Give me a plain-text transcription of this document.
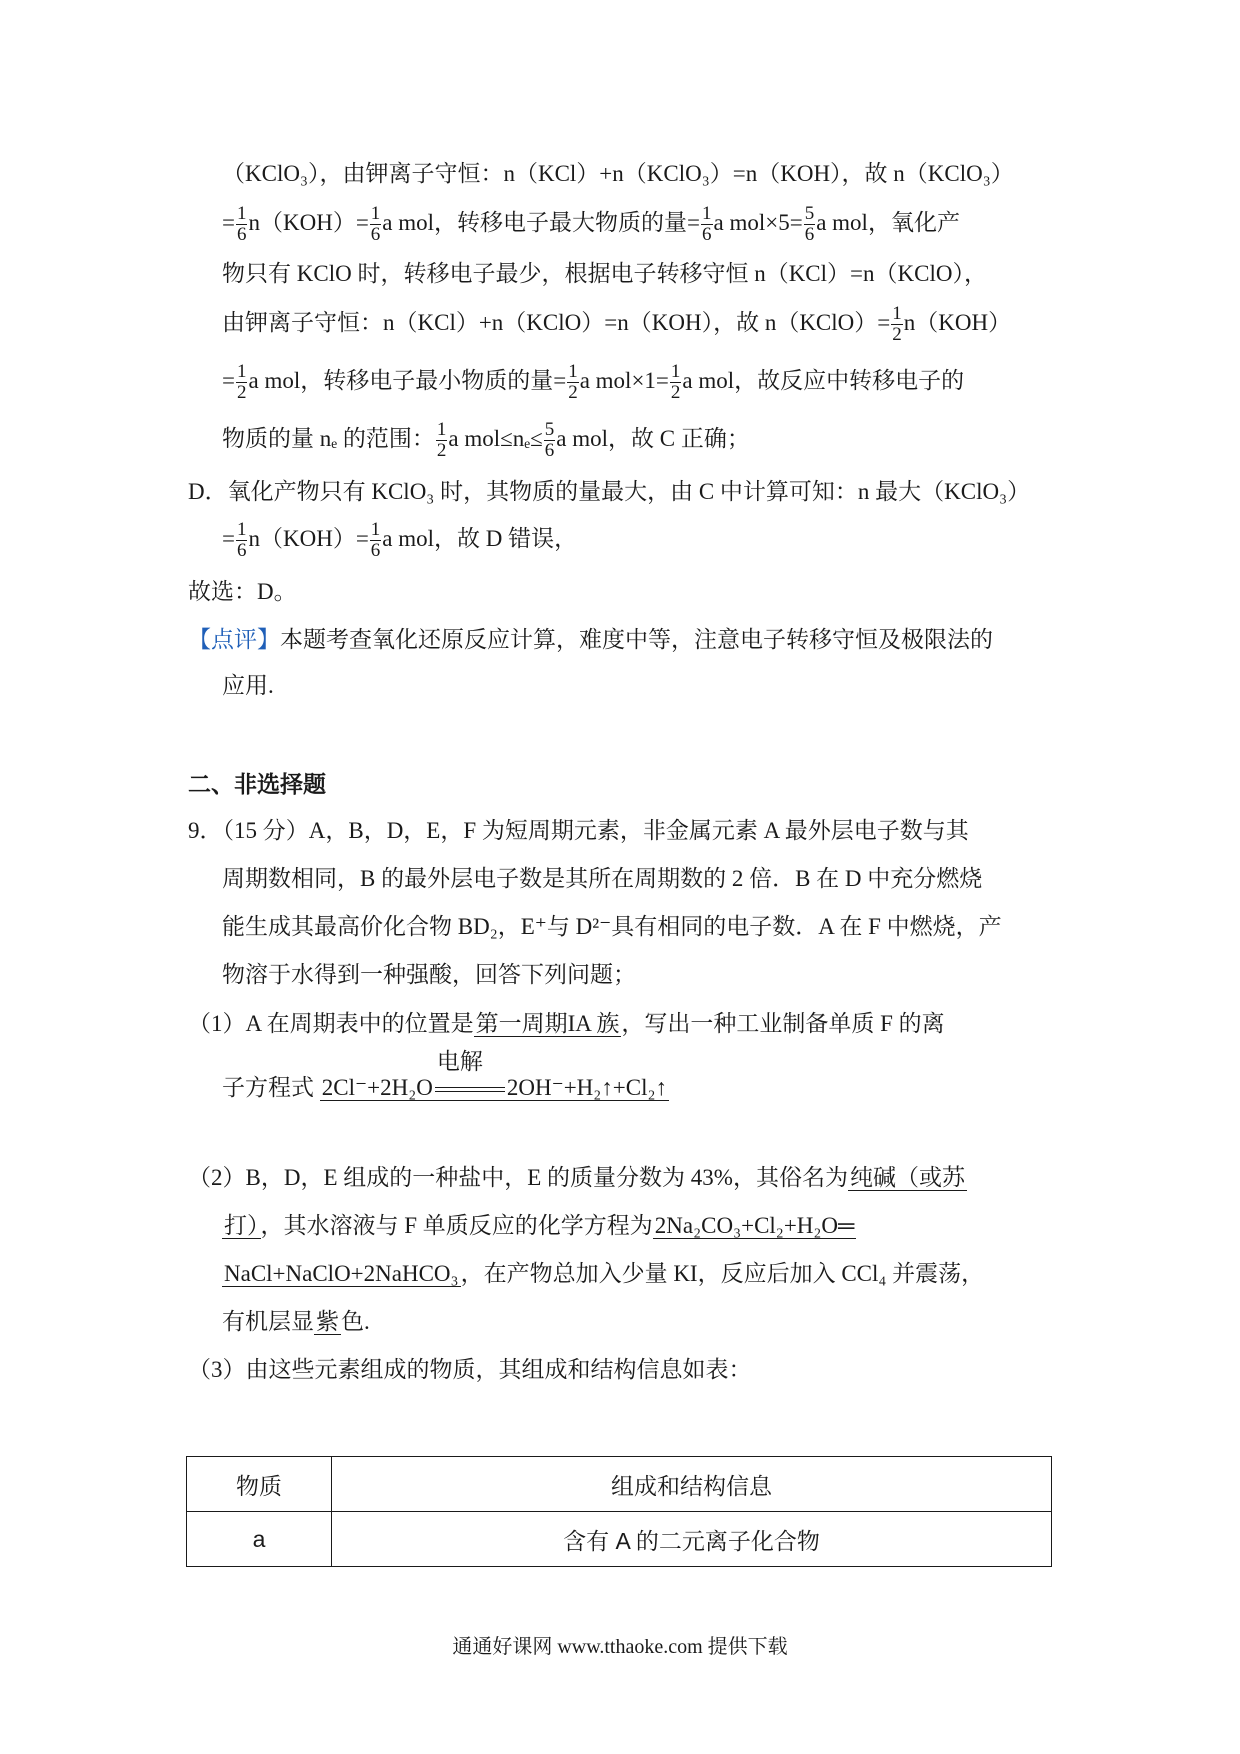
（KClO₃），由钾离子守恒：n（KCl）+n（KClO₃）=n（KOH），故 n（KClO₃）
= $\frac{1}{6} n(KOH)= \frac{1}{6}$ a mol，转移电子最大物质的量= $\frac{1}{6}$ a $mol\times 5= \frac{5}{6}$ a mol，氧化产
物只有 KClO 时，转移电子最少，根据电子转移守恒 n（KCl）=n（KClO），
由钾离子守恒：n（KCl）+n（KClO）=n（KOH），故 n（KClO）= $\frac{1}{2} n(KOH)$
= $\frac{1}{2}$ a mol，转移电子最小物质的量= $\frac{1}{2}$ a $mol\times 1= \frac{1}{2}$ a mol，故反应中转移电子的
物质的量 nₑ 的范围： $\frac{1}{2}$ a $mol\le n_e\le \frac{5}{6}$ a mol，故 C 正确；
D．氧化产物只有 KClO₃ 时，其物质的量最大，由 C 中计算可知：n 最大（KClO₃）
= $\frac{1}{6} n(KOH)= \frac{1}{6}$ a mol，故 D 错误，
故选：D。
【点评】本题考查氧化还原反应计算，难度中等，注意电子转移守恒及极限法的
应用.
二、非选择题
9．（15 分）A，B，D，E，F 为短周期元素，非金属元素 A 最外层电子数与其
周期数相同，B 的最外层电子数是其所在周期数的 2 倍．B 在 D 中充分燃烧
能生成其最高价化合物 BD₂，E⁺与 D²⁻具有相同的电子数．A 在 F 中燃烧，产
物溶于水得到一种强酸，回答下列问题；
（1）A 在周期表中的位置是第一周期IA 族，写出一种工业制备单质 F 的离
子方程式 2Cl⁻+2H₂O
电解
2OH⁻+H₂↑+Cl₂↑
（2）B，D，E 组成的一种盐中，E 的质量分数为 43%，其俗名为纯碱（或苏
打），其水溶液与 F 单质反应的化学方程为2Na₂CO₃+Cl₂+H₂O═
NaCl+NaClO+2NaHCO₃，在产物总加入少量 KI，反应后加入 CCl₄ 并震荡，
有机层显紫色.
（3）由这些元素组成的物质，其组成和结构信息如表：
物质	组成和结构信息
a	含有 A 的二元离子化合物
通通好课网 www.tthaoke.com 提供下载
